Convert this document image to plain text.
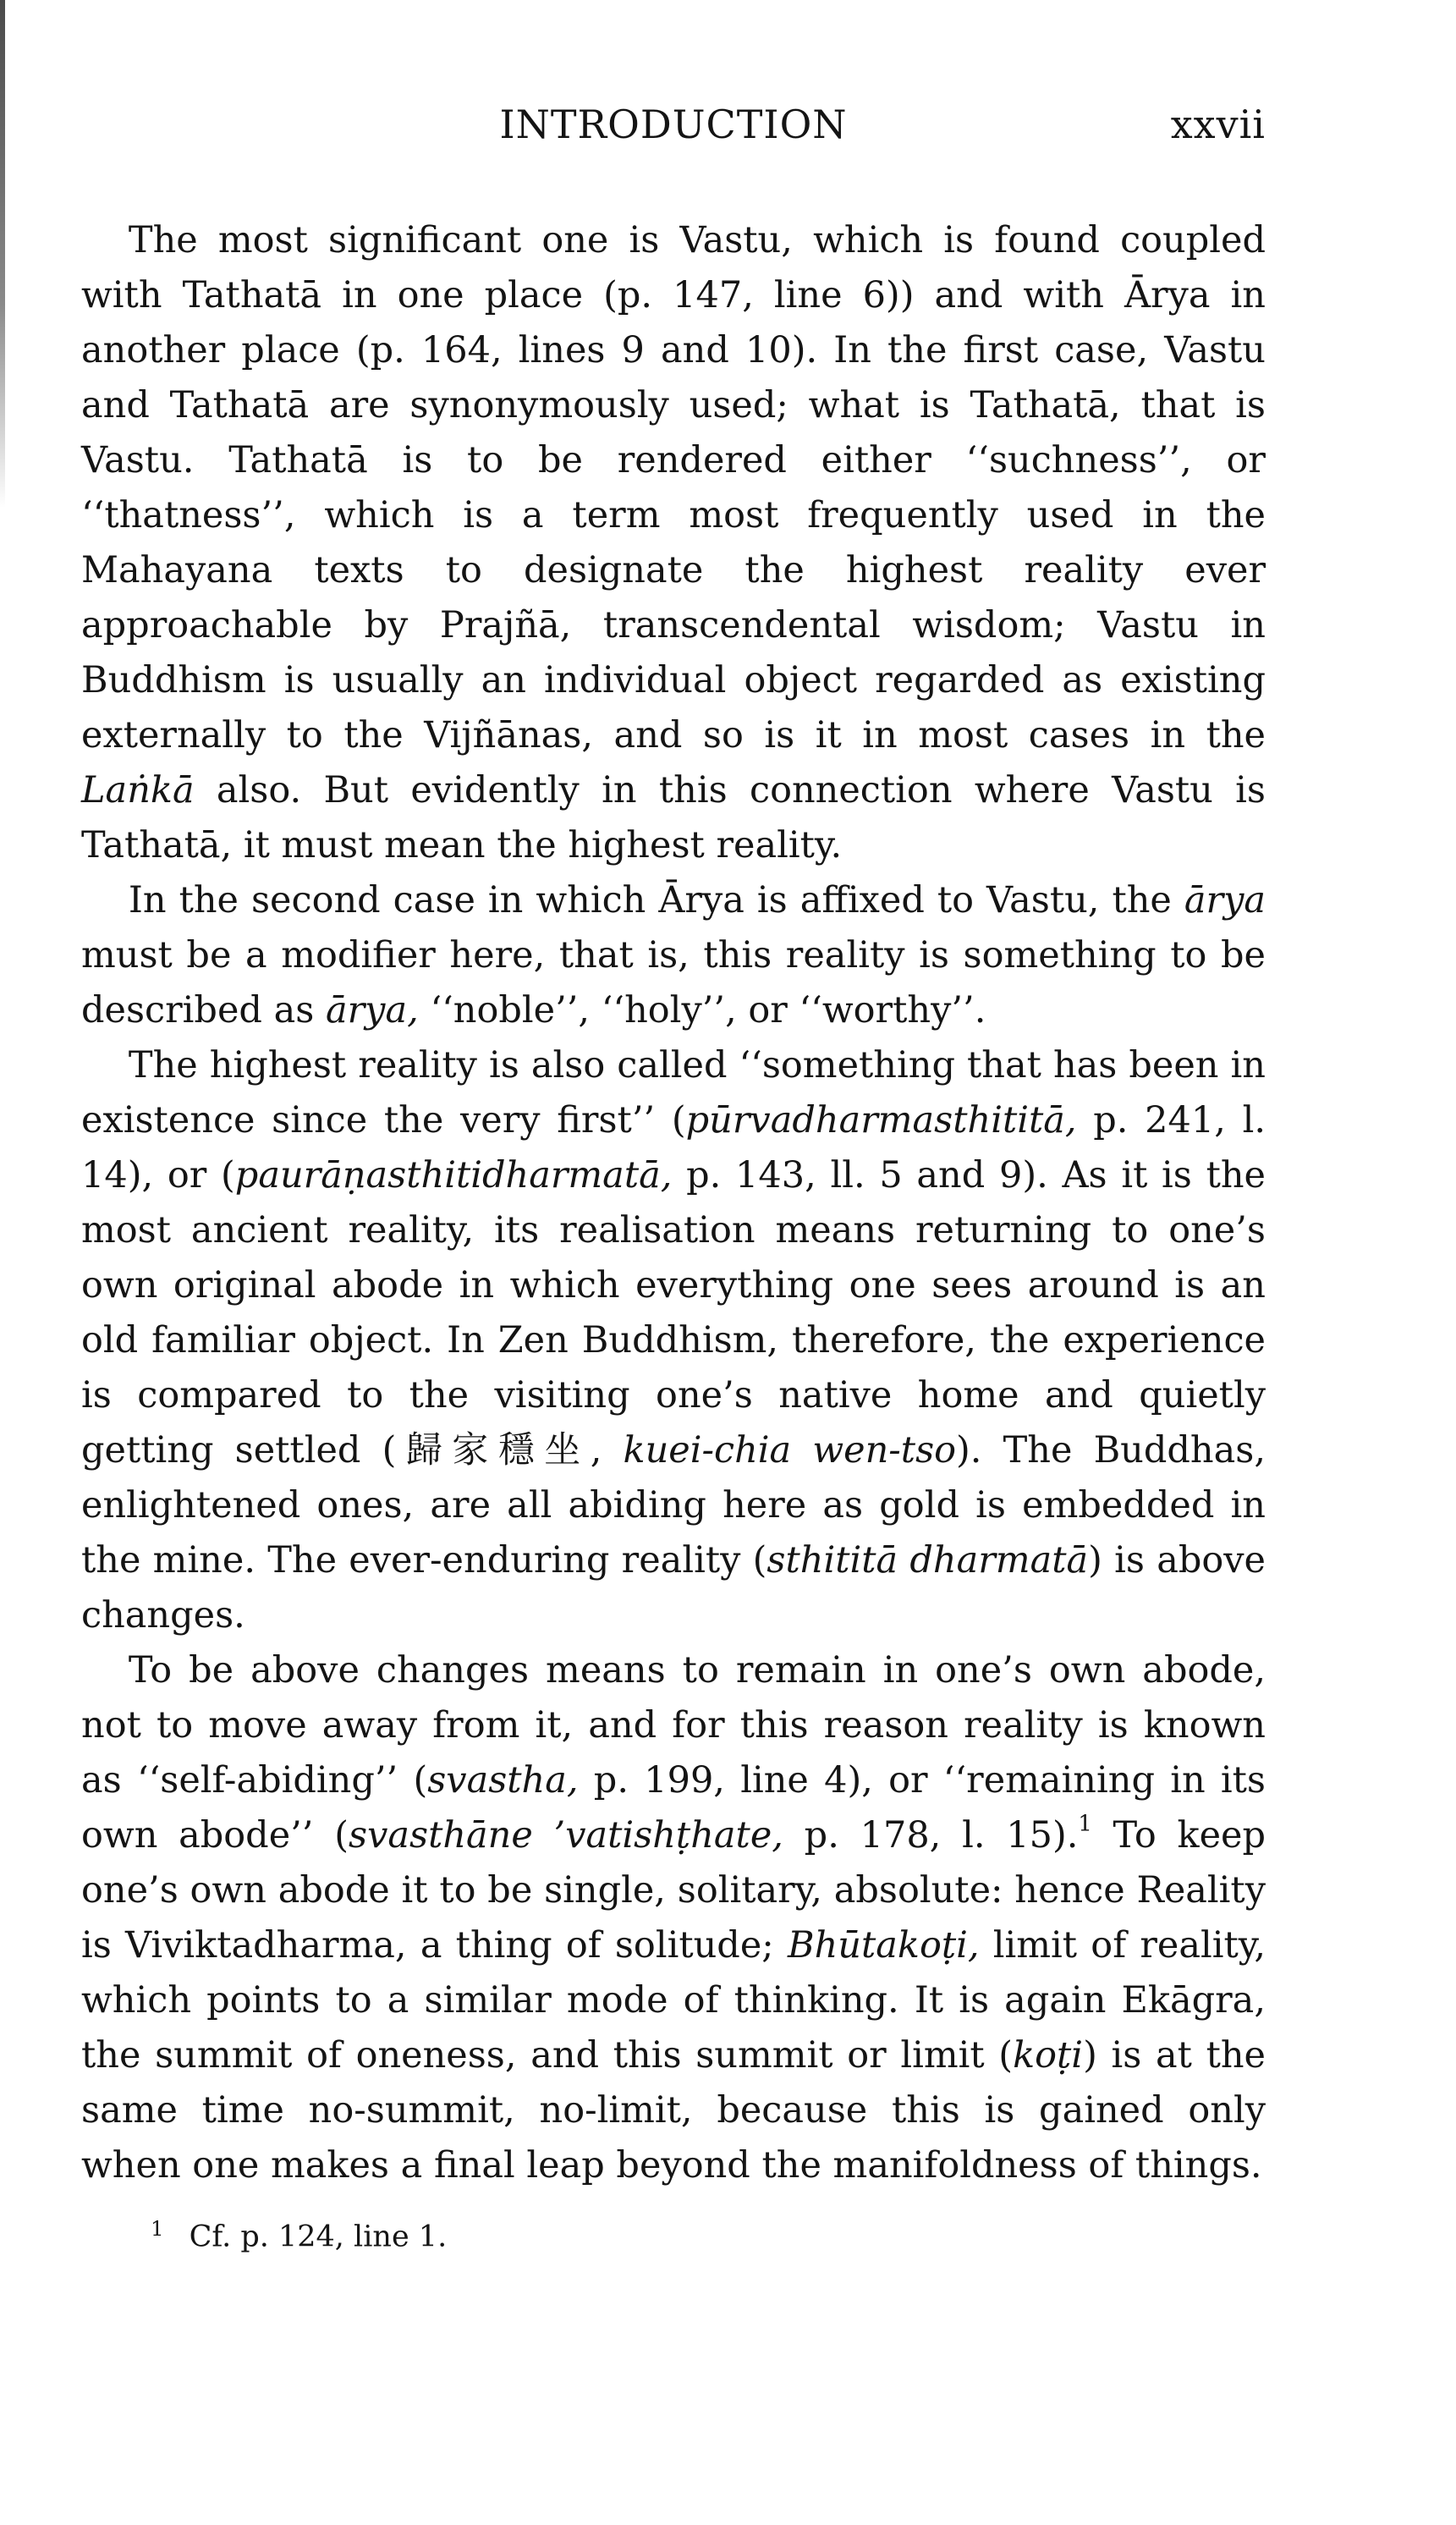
INTRODUCTION	xxvii

The most significant one is Vastu, which is found coupled with Tathatā in one place (p. 147, line 6)) and with Ārya in another place (p. 164, lines 9 and 10). In the first case, Vastu and Tathatā are synonymously used; what is Tathatā, that is Vastu. Tathatā is to be rendered either ‘‘suchness’’, or ‘‘thatness’’, which is a term most frequently used in the Mahayana texts to designate the highest reality ever approachable by Prajñā, transcendental wisdom; Vastu in Buddhism is usually an individual object regarded as existing externally to the Vijñānas, and so is it in most cases in the Laṅkā also. But evidently in this connection where Vastu is Tathatā, it must mean the highest reality.

In the second case in which Ārya is affixed to Vastu, the ārya must be a modifier here, that is, this reality is something to be described as ārya, ‘‘noble’’, ‘‘holy’’, or ‘‘worthy’’.

The highest reality is also called ‘‘something that has been in existence since the very first’’ (pūrvadharmasthititā, p. 241, l. 14), or (paurāṇasthitidharmatā, p. 143, ll. 5 and 9). As it is the most ancient reality, its realisation means returning to one’s own original abode in which everything one sees around is an old familiar object. In Zen Buddhism, therefore, the experience is compared to the visiting one’s native home and quietly getting settled (歸家穩坐, kuei-chia wen-tso). The Buddhas, enlightened ones, are all abiding here as gold is embedded in the mine. The ever-enduring reality (sthititā dharmatā) is above changes.

To be above changes means to remain in one’s own abode, not to move away from it, and for this reason reality is known as ‘‘self-abiding’’ (svastha, p. 199, line 4), or ‘‘remaining in its own abode’’ (svasthāne ’vatishṭhate, p. 178, l. 15).$^1$ To keep one’s own abode it to be single, solitary, absolute: hence Reality is Viviktadharma, a thing of solitude; Bhūtakoṭi, limit of reality, which points to a similar mode of thinking. It is again Ekāgra, the summit of oneness, and this summit or limit (koṭi) is at the same time no-summit, no-limit, because this is gained only when one makes a final leap beyond the manifoldness of things.

$^1$ Cf. p. 124, line 1.
